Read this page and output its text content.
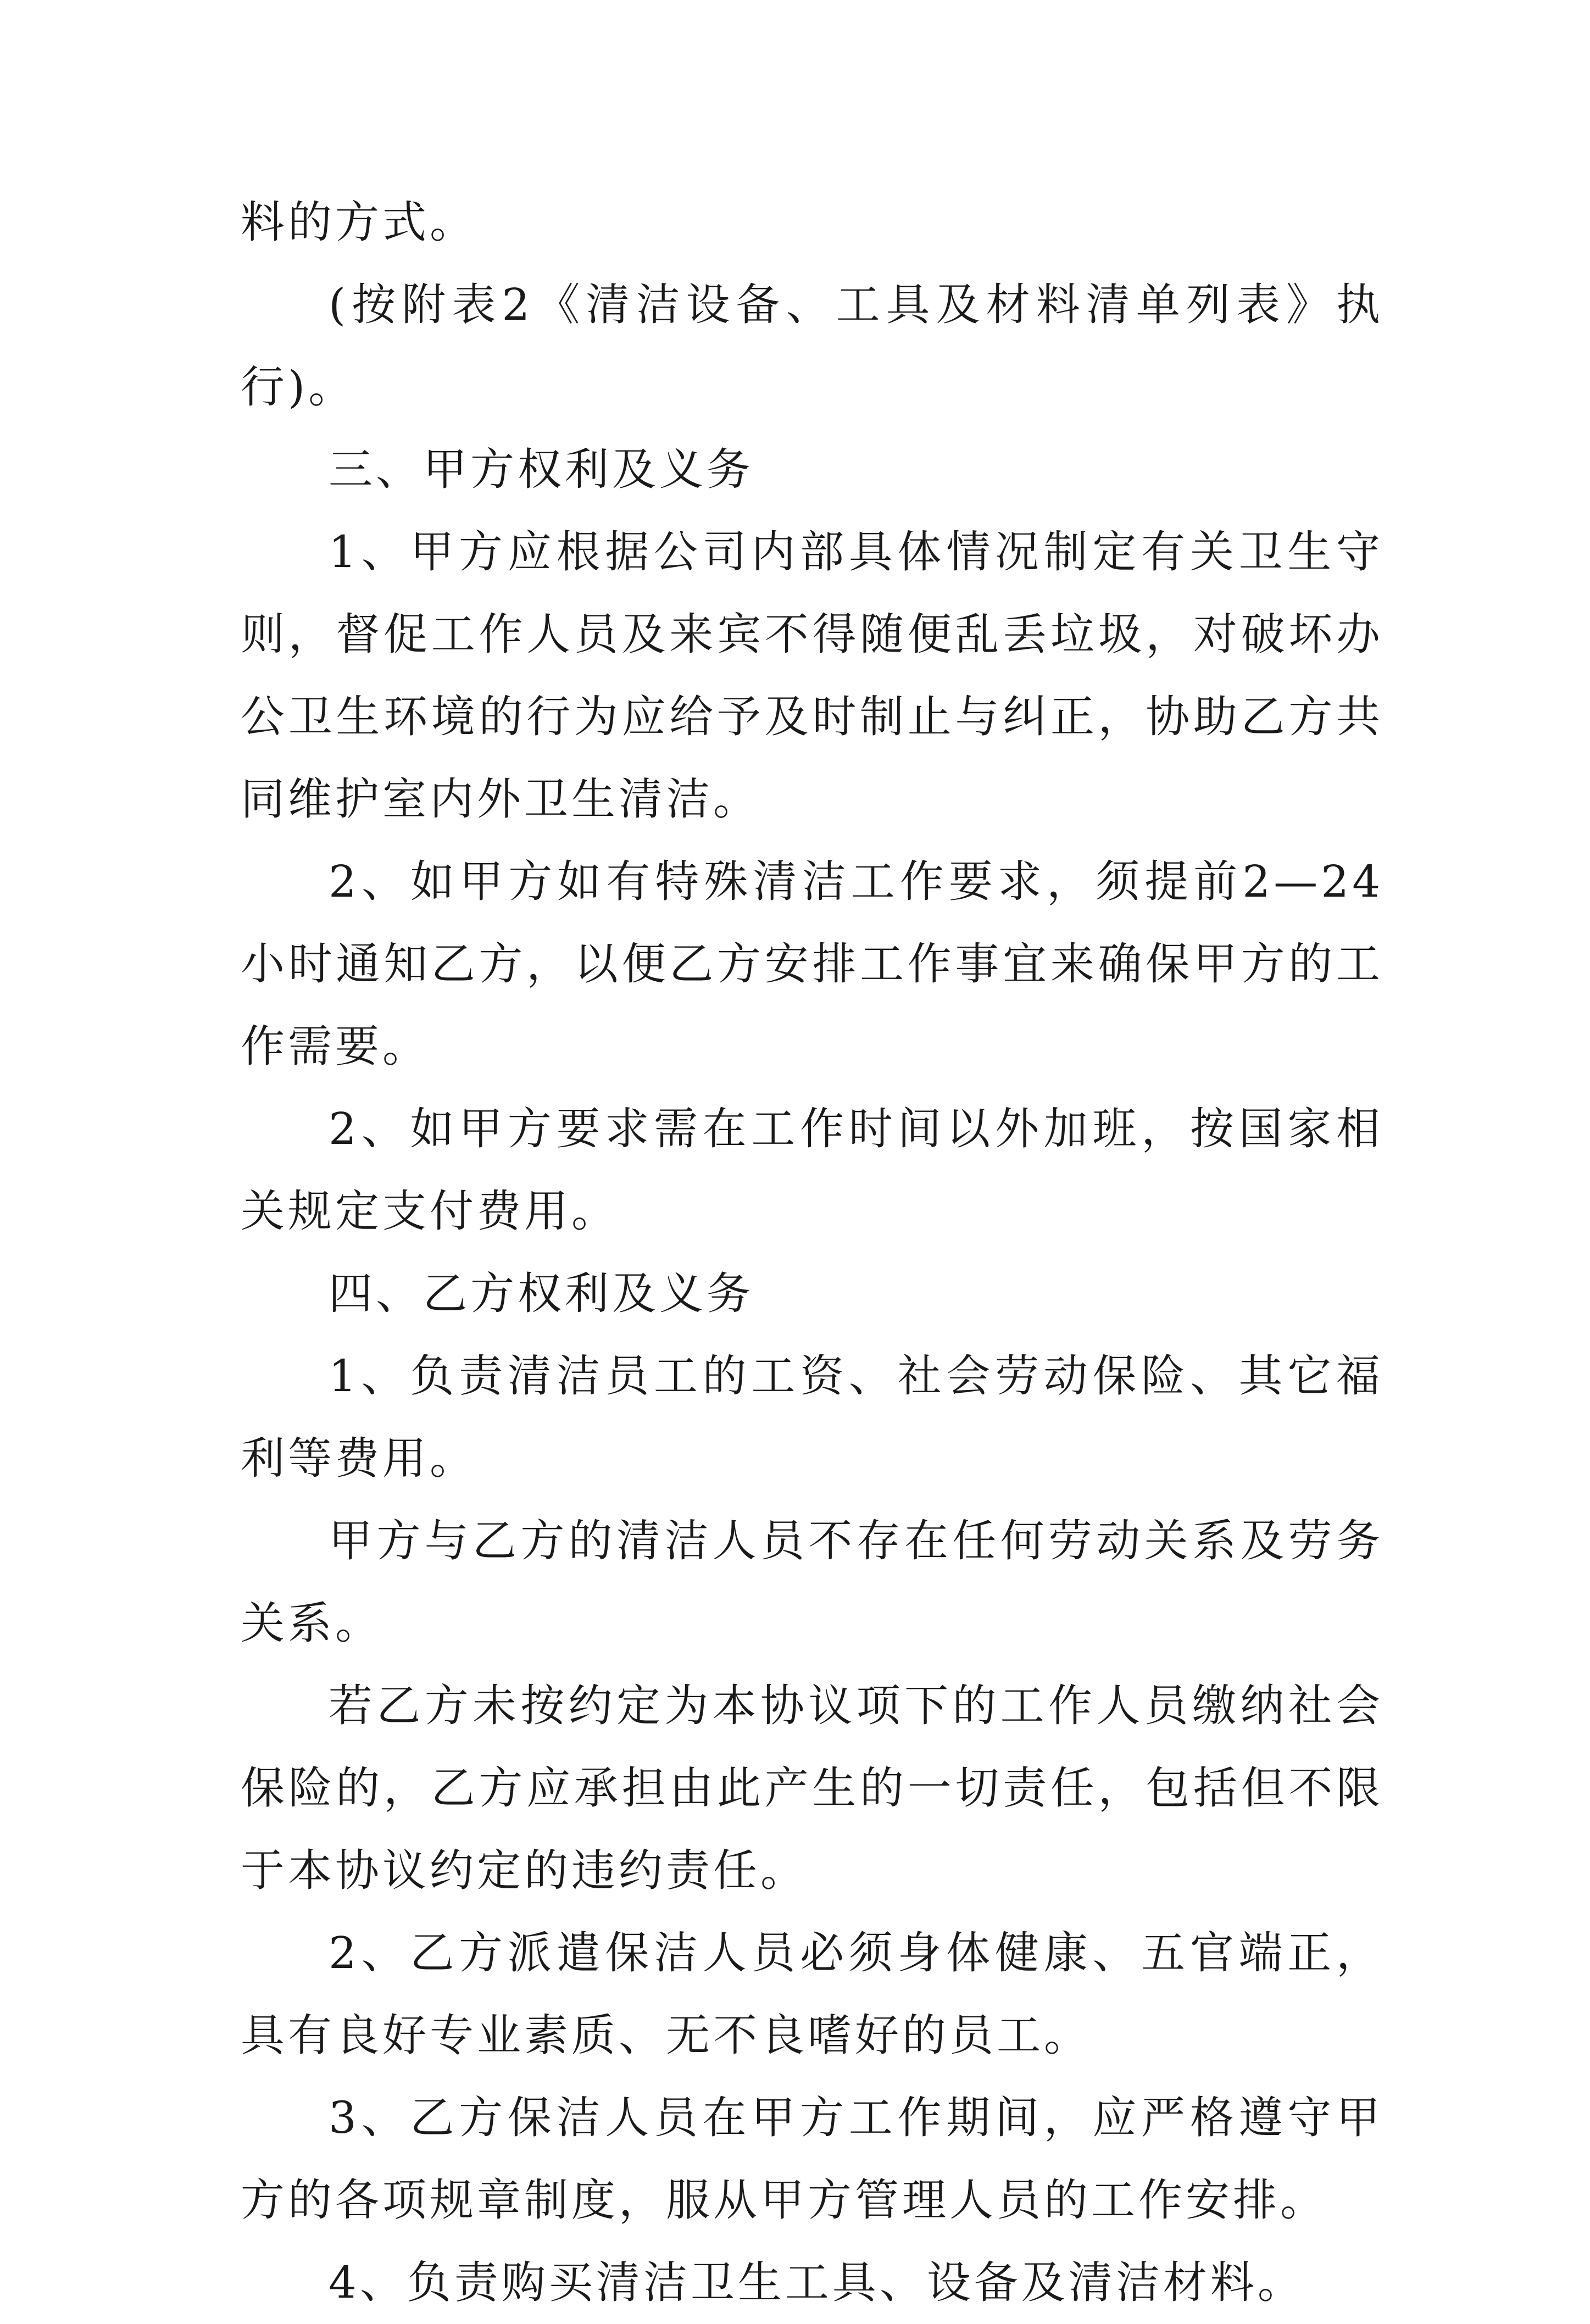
料的方式。

(按附表2《清洁设备、工具及材料清单列表》执行)。

三、甲方权利及义务

1、甲方应根据公司内部具体情况制定有关卫生守则，督促工作人员及来宾不得随便乱丢垃圾，对破坏办公卫生环境的行为应给予及时制止与纠正，协助乙方共同维护室内外卫生清洁。

2、如甲方如有特殊清洁工作要求，须提前2—24小时通知乙方，以便乙方安排工作事宜来确保甲方的工作需要。

2、如甲方要求需在工作时间以外加班，按国家相关规定支付费用。

四、乙方权利及义务

1、负责清洁员工的工资、社会劳动保险、其它福利等费用。

甲方与乙方的清洁人员不存在任何劳动关系及劳务关系。

若乙方未按约定为本协议项下的工作人员缴纳社会保险的，乙方应承担由此产生的一切责任，包括但不限于本协议约定的违约责任。

2、乙方派遣保洁人员必须身体健康、五官端正，具有良好专业素质、无不良嗜好的员工。

3、乙方保洁人员在甲方工作期间，应严格遵守甲方的各项规章制度，服从甲方管理人员的工作安排。

4、负责购买清洁卫生工具、设备及清洁材料。
